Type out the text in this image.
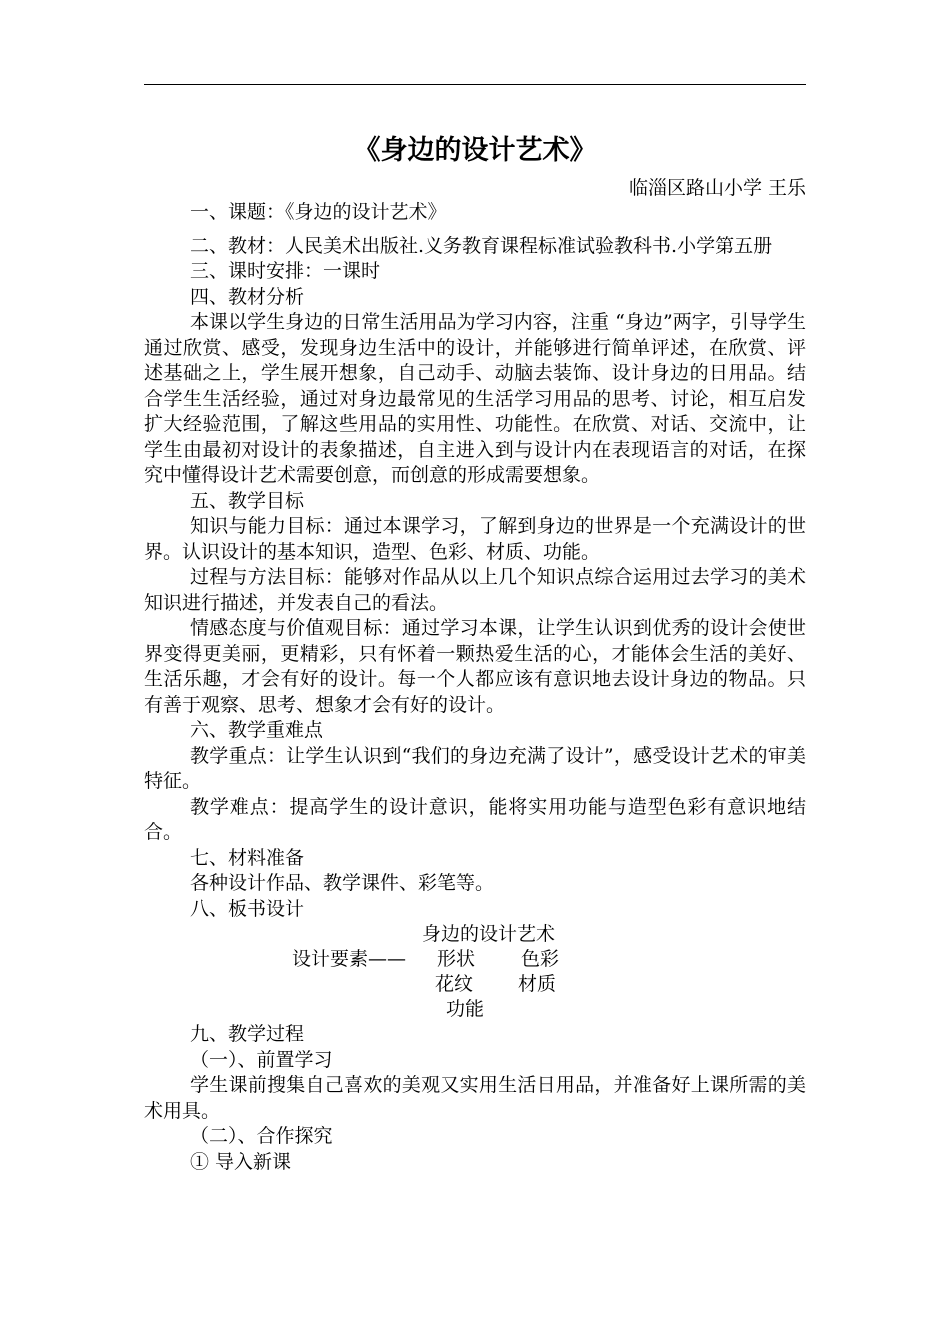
《身边的设计艺术》
临淄区路山小学 王乐

一、课题：《身边的设计艺术》

二、教材：人民美术出版社.义务教育课程标准试验教科书.小学第五册

三、课时安排：一课时

四、教材分析

本课以学生身边的日常生活用品为学习内容，注重 “身边”两字，引导学生通过欣赏、感受，发现身边生活中的设计，并能够进行简单评述，在欣赏、评述基础之上，学生展开想象，自己动手、动脑去装饰、设计身边的日用品。结合学生生活经验，通过对身边最常见的生活学习用品的思考、讨论，相互启发扩大经验范围，了解这些用品的实用性、功能性。在欣赏、对话、交流中，让学生由最初对设计的表象描述，自主进入到与设计内在表现语言的对话，在探究中懂得设计艺术需要创意，而创意的形成需要想象。

五、教学目标

知识与能力目标：通过本课学习，了解到身边的世界是一个充满设计的世界。认识设计的基本知识，造型、色彩、材质、功能。

过程与方法目标：能够对作品从以上几个知识点综合运用过去学习的美术知识进行描述，并发表自己的看法。

情感态度与价值观目标：通过学习本课，让学生认识到优秀的设计会使世界变得更美丽，更精彩，只有怀着一颗热爱生活的心，才能体会生活的美好、生活乐趣，才会有好的设计。每一个人都应该有意识地去设计身边的物品。只有善于观察、思考、想象才会有好的设计。

六、教学重难点

教学重点：让学生认识到“我们的身边充满了设计”，感受设计艺术的审美特征。

教学难点：提高学生的设计意识，能将实用功能与造型色彩有意识地结合。

七、材料准备

各种设计作品、教学课件、彩笔等。

八、板书设计

身边的设计艺术
设计要素—— 形状 色彩
花纹 材质
功能

九、教学过程

（一）、前置学习

学生课前搜集自己喜欢的美观又实用生活日用品，并准备好上课所需的美术用具。

（二）、合作探究

① 导入新课
